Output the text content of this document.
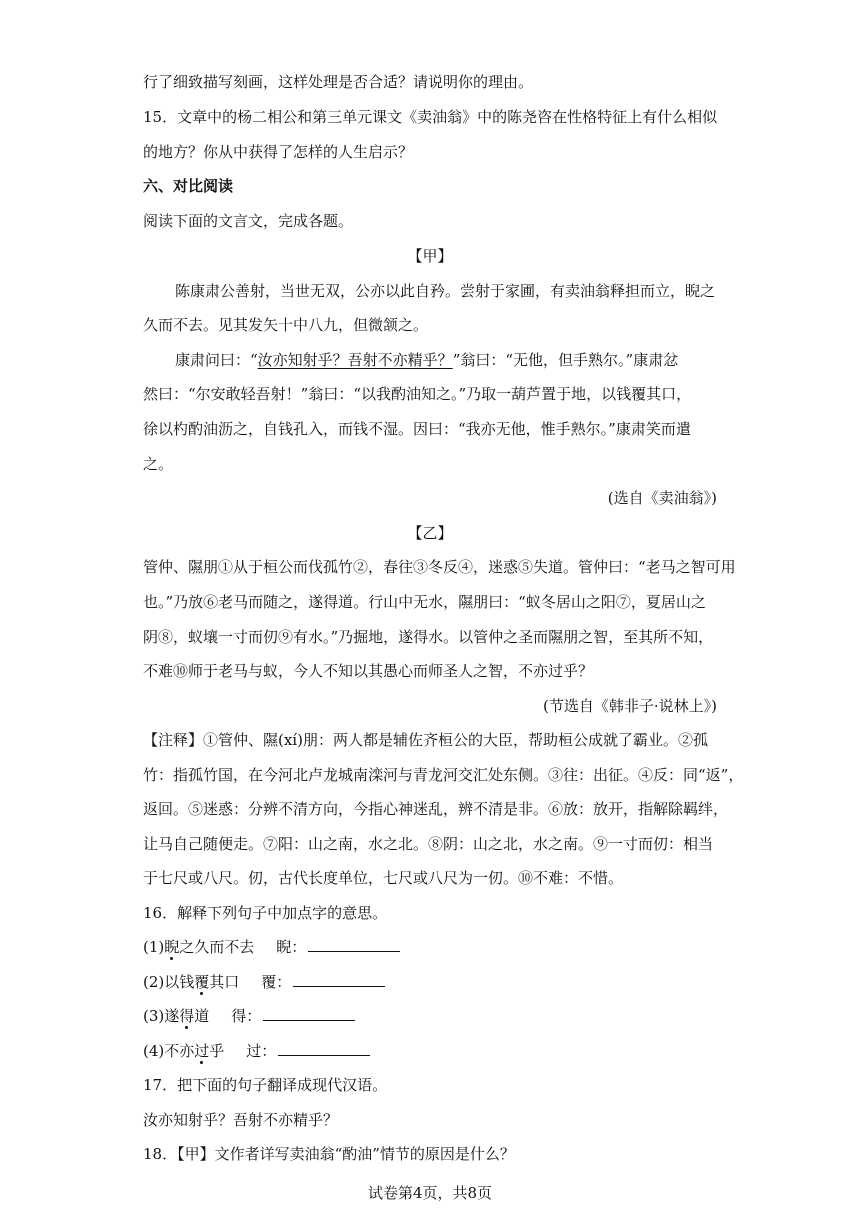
行了细致描写刻画，这样处理是否合适？请说明你的理由。
15．文章中的杨二相公和第三单元课文《卖油翁》中的陈尧咨在性格特征上有什么相似
的地方？你从中获得了怎样的人生启示？
六、对比阅读
阅读下面的文言文，完成各题。
【甲】
陈康肃公善射，当世无双，公亦以此自矜。尝射于家圃，有卖油翁释担而立，睨之
久而不去。见其发矢十中八九，但微颔之。
康肃问曰：“汝亦知射乎？吾射不亦精乎？”翁曰：“无他，但手熟尔。”康肃忿
然曰：“尔安敢轻吾射！”翁曰：“以我酌油知之。”乃取一葫芦置于地，以钱覆其口，
徐以杓酌油沥之，自钱孔入，而钱不湿。因曰：“我亦无他，惟手熟尔。”康肃笑而遣
之。
(选自《卖油翁》)
【乙】
管仲、隰朋①从于桓公而伐孤竹②，春往③冬反④，迷惑⑤失道。管仲曰：“老马之智可用
也。”乃放⑥老马而随之，遂得道。行山中无水，隰朋曰：“蚁冬居山之阳⑦，夏居山之
阴⑧，蚁壤一寸而仞⑨有水。”乃掘地，遂得水。以管仲之圣而隰朋之智，至其所不知，
不难⑩师于老马与蚁，今人不知以其愚心而师圣人之智，不亦过乎？
(节选自《韩非子·说林上》)
【注释】①管仲、隰(xí)朋：两人都是辅佐齐桓公的大臣，帮助桓公成就了霸业。②孤
竹：指孤竹国，在今河北卢龙城南滦河与青龙河交汇处东侧。③往：出征。④反：同“返”，
返回。⑤迷惑：分辨不清方向，今指心神迷乱，辨不清是非。⑥放：放开，指解除羁绊，
让马自己随便走。⑦阳：山之南，水之北。⑧阴：山之北，水之南。⑨一寸而仞：相当
于七尺或八尺。仞，古代长度单位，七尺或八尺为一仞。⑩不难：不惜。
16．解释下列句子中加点字的意思。
(1)睨之久而不去 睨：
(2)以钱覆其口 覆：
(3)遂得道 得：
(4)不亦过乎 过：
17．把下面的句子翻译成现代汉语。
汝亦知射乎？吾射不亦精乎？
18．【甲】文作者详写卖油翁“酌油”情节的原因是什么？
试卷第4页，共8页
